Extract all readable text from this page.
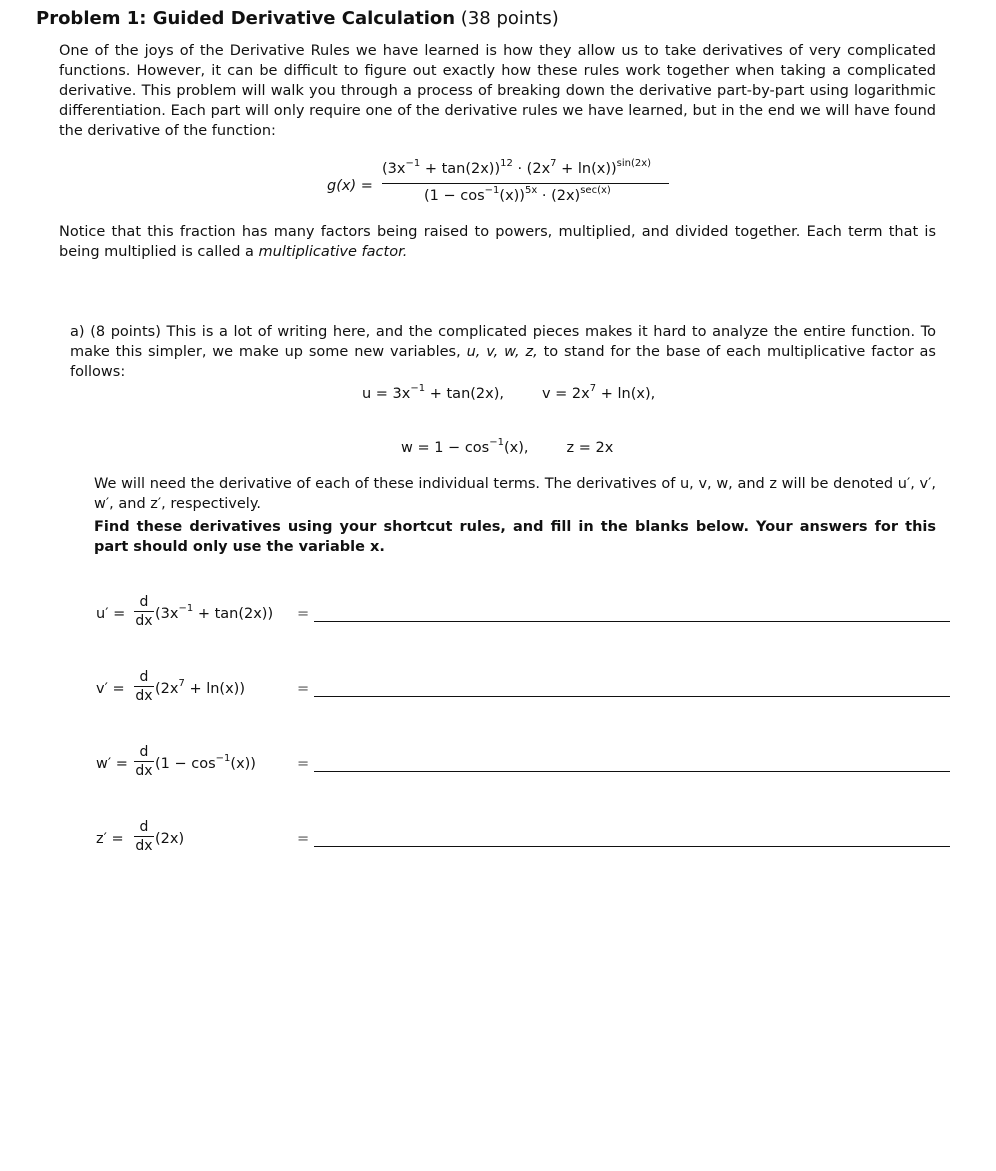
Problem 1: Guided Derivative Calculation (38 points)
One of the joys of the Derivative Rules we have learned is how they allow us to take derivatives of very complicated functions. However, it can be difficult to figure out exactly how these rules work together when taking a complicated derivative. This problem will walk you through a process of breaking down the derivative part-by-part using logarithmic differentiation. Each part will only require one of the derivative rules we have learned, but in the end we will have found the derivative of the function:
g(x) =
$(3x^{-1} + \tan(2x))^{12} \cdot (2x^7 + \ln(x))^{sin(2x)}$
$(1 - \cos^{-1}(x))^{5x} \cdot (2x)^{sec(x)}$
Notice that this fraction has many factors being raised to powers, multiplied, and divided together. Each term that is being multiplied is called a multiplicative factor.
a) (8 points) This is a lot of writing here, and the complicated pieces makes it hard to analyze the entire function. To make this simpler, we make up some new variables, u, v, w, z, to stand for the base of each multiplicative factor as follows:
$u = 3x^{-1} + \tan(2x)$,	$v = 2x^7 + \ln(x)$,
$w = 1 - \cos^{-1}(x)$,	z = 2x
We will need the derivative of each of these individual terms. The derivatives of u, v, w, and z will be denoted u′, v′, w′, and z′, respectively.
Find these derivatives using your shortcut rules, and fill in the blanks below. Your answers for this part should only use the variable x.
u′ =
d
dx $(3x^{-1} + \tan(2x))$ =
v′ =
d
dx $(2x^7 + \ln(x))$	=
w′ =
d
dx $(1 - \cos^{-1}(x))$	=
z′ =
d
dx (2x)	=
